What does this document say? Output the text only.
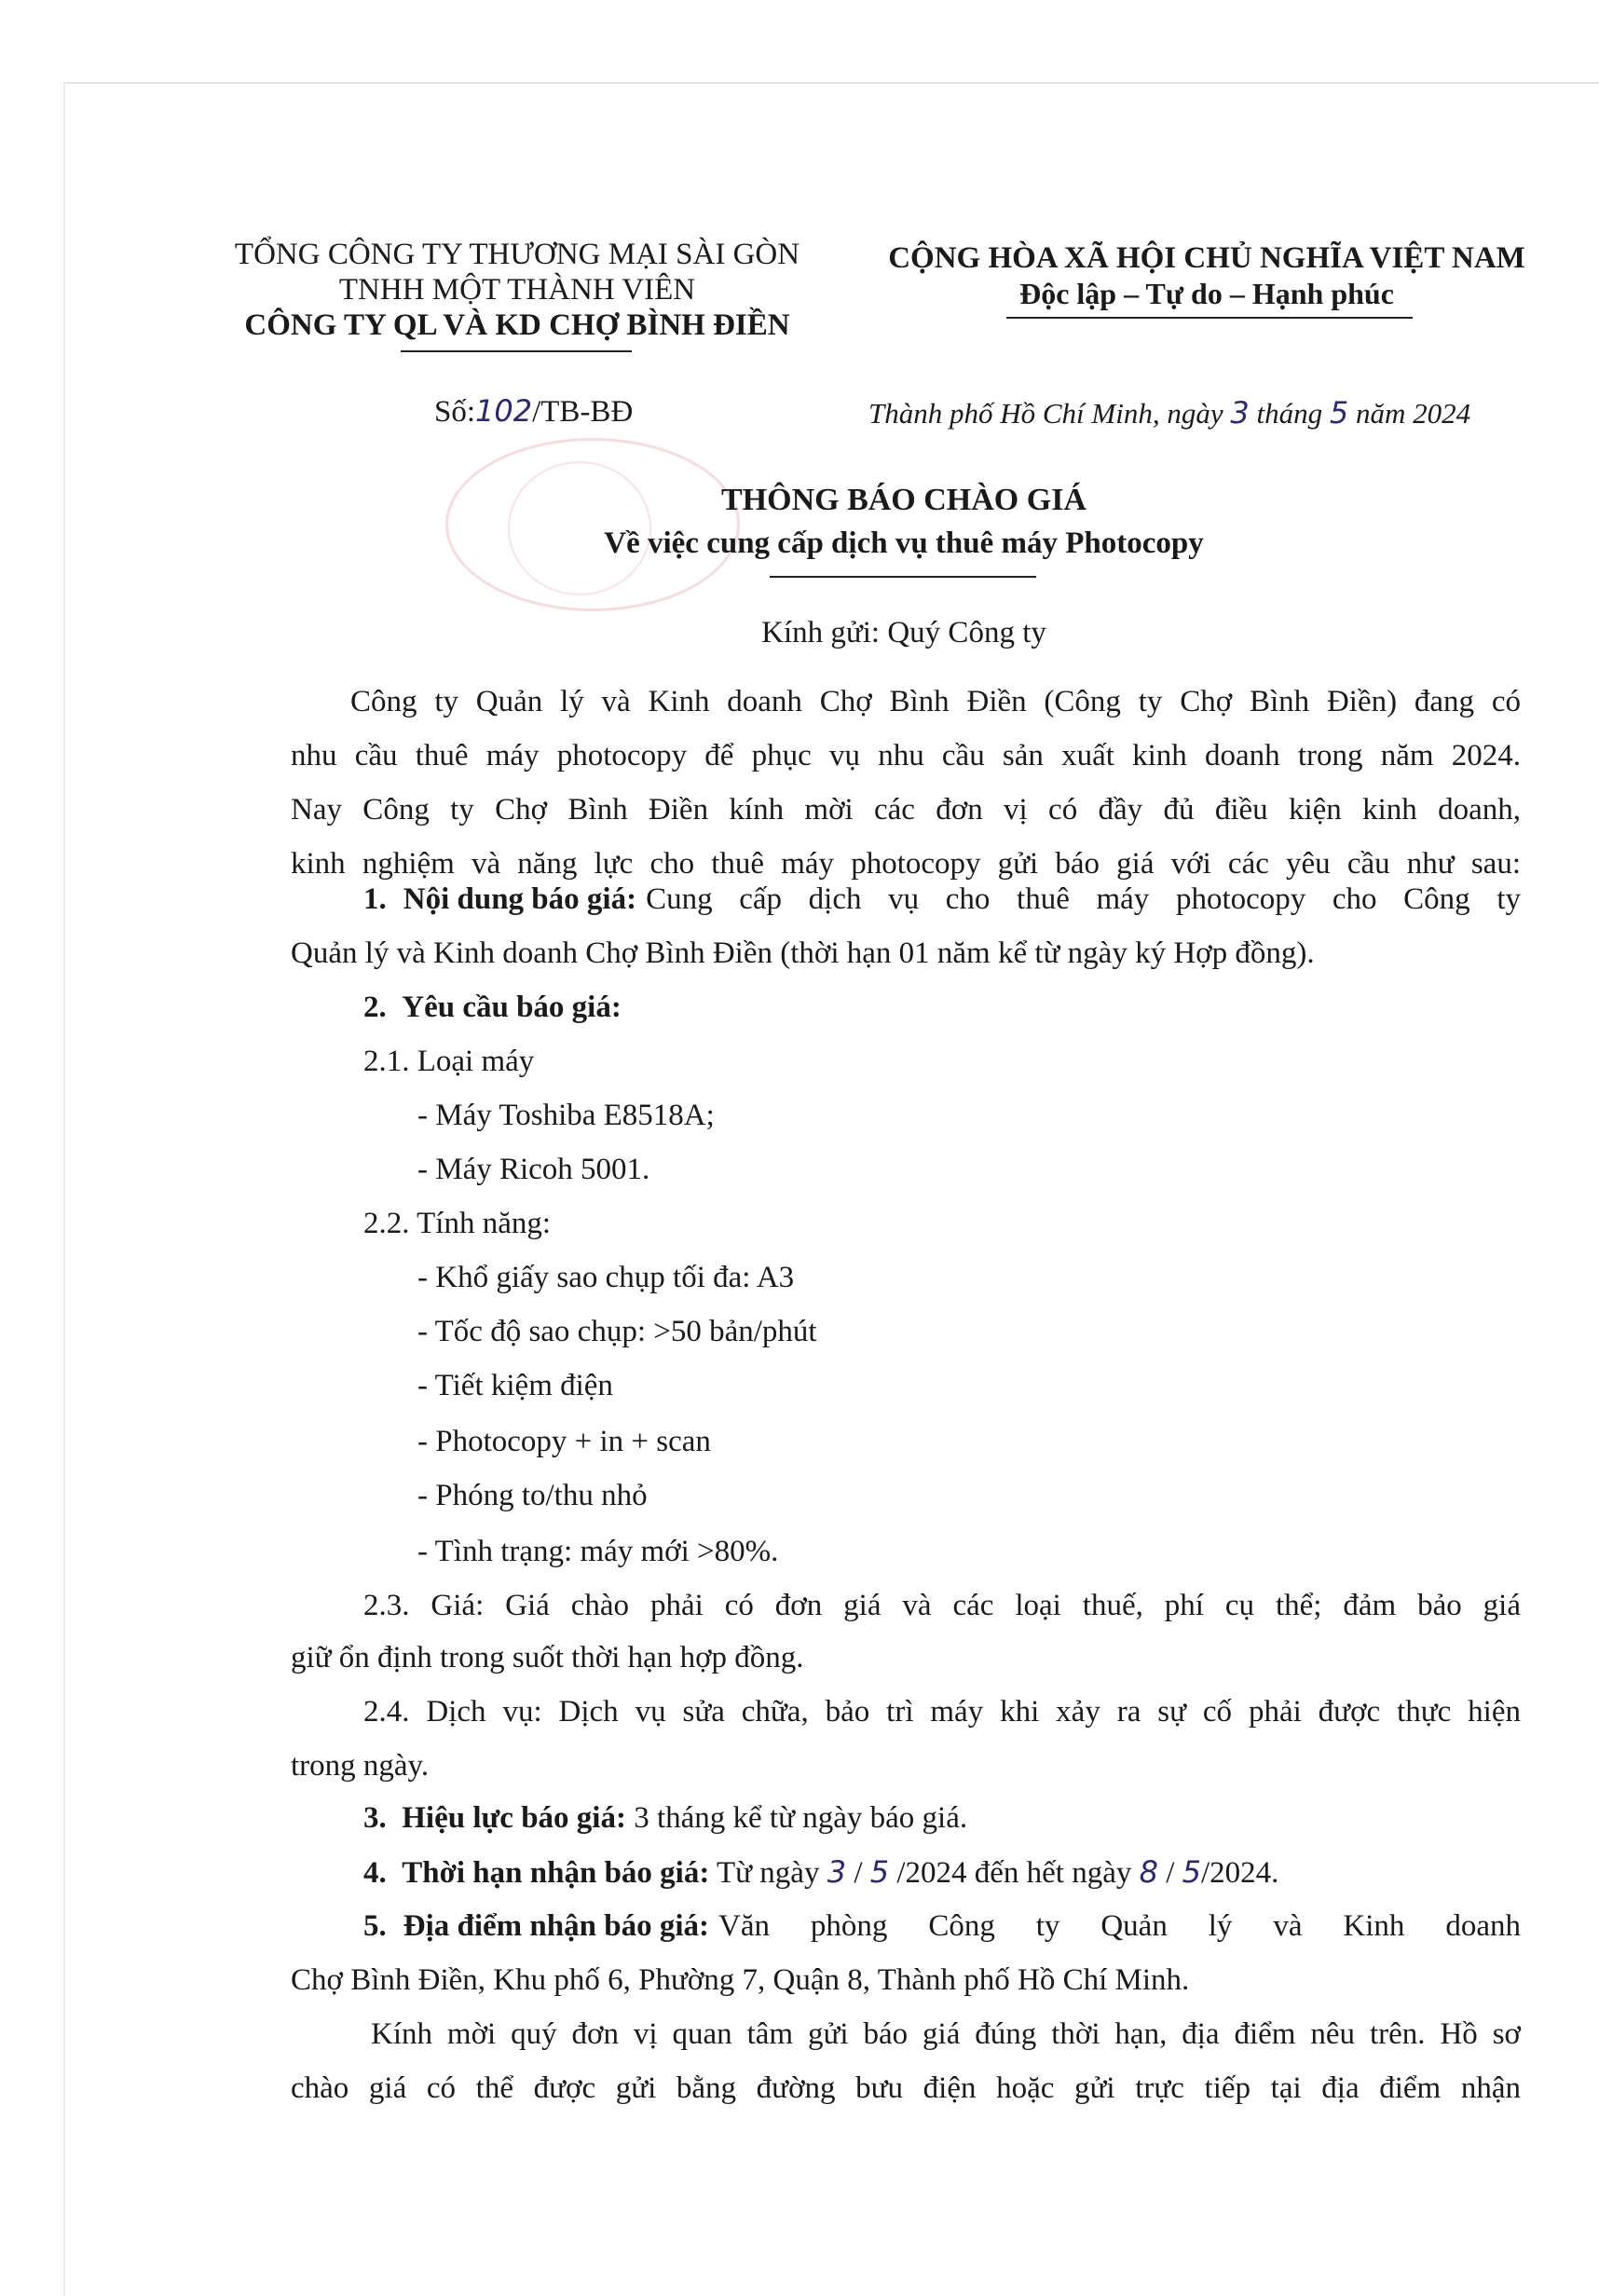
TỔNG CÔNG TY THƯƠNG MẠI SÀI GÒN
TNHH MỘT THÀNH VIÊN
CÔNG TY QL VÀ KD CHỢ BÌNH ĐIỀN
CỘNG HÒA XÃ HỘI CHỦ NGHĨA VIỆT NAM
Độc lập – Tự do – Hạnh phúc
Số:102/TB-BĐ	Thành phố Hồ Chí Minh, ngày 3 tháng 5 năm 2024
THÔNG BÁO CHÀO GIÁ
Về việc cung cấp dịch vụ thuê máy Photocopy
Kính gửi: Quý Công ty
Công ty Quản lý và Kinh doanh Chợ Bình Điền (Công ty Chợ Bình Điền) đang có
nhu cầu thuê máy photocopy để phục vụ nhu cầu sản xuất kinh doanh trong năm 2024.
Nay Công ty Chợ Bình Điền kính mời các đơn vị có đầy đủ điều kiện kinh doanh,
kinh nghiệm và năng lực cho thuê máy photocopy gửi báo giá với các yêu cầu như sau:
1. Nội dung báo giá: Cung cấp dịch vụ cho thuê máy photocopy cho Công ty
Quản lý và Kinh doanh Chợ Bình Điền (thời hạn 01 năm kể từ ngày ký Hợp đồng).
2. Yêu cầu báo giá:
2.1. Loại máy
- Máy Toshiba E8518A;
- Máy Ricoh 5001.
2.2. Tính năng:
- Khổ giấy sao chụp tối đa: A3
- Tốc độ sao chụp: >50 bản/phút
- Tiết kiệm điện
- Photocopy + in + scan
- Phóng to/thu nhỏ
- Tình trạng: máy mới >80%.
2.3. Giá: Giá chào phải có đơn giá và các loại thuế, phí cụ thể; đảm bảo giá
giữ ổn định trong suốt thời hạn hợp đồng.
2.4. Dịch vụ: Dịch vụ sửa chữa, bảo trì máy khi xảy ra sự cố phải được thực hiện
trong ngày.
3. Hiệu lực báo giá: 3 tháng kể từ ngày báo giá.
4. Thời hạn nhận báo giá: Từ ngày 3 / 5 /2024 đến hết ngày 8 / 5/2024.
5. Địa điểm nhận báo giá: Văn phòng Công ty Quản lý và Kinh doanh
Chợ Bình Điền, Khu phố 6, Phường 7, Quận 8, Thành phố Hồ Chí Minh.
Kính mời quý đơn vị quan tâm gửi báo giá đúng thời hạn, địa điểm nêu trên. Hồ sơ
chào giá có thể được gửi bằng đường bưu điện hoặc gửi trực tiếp tại địa điểm nhận
